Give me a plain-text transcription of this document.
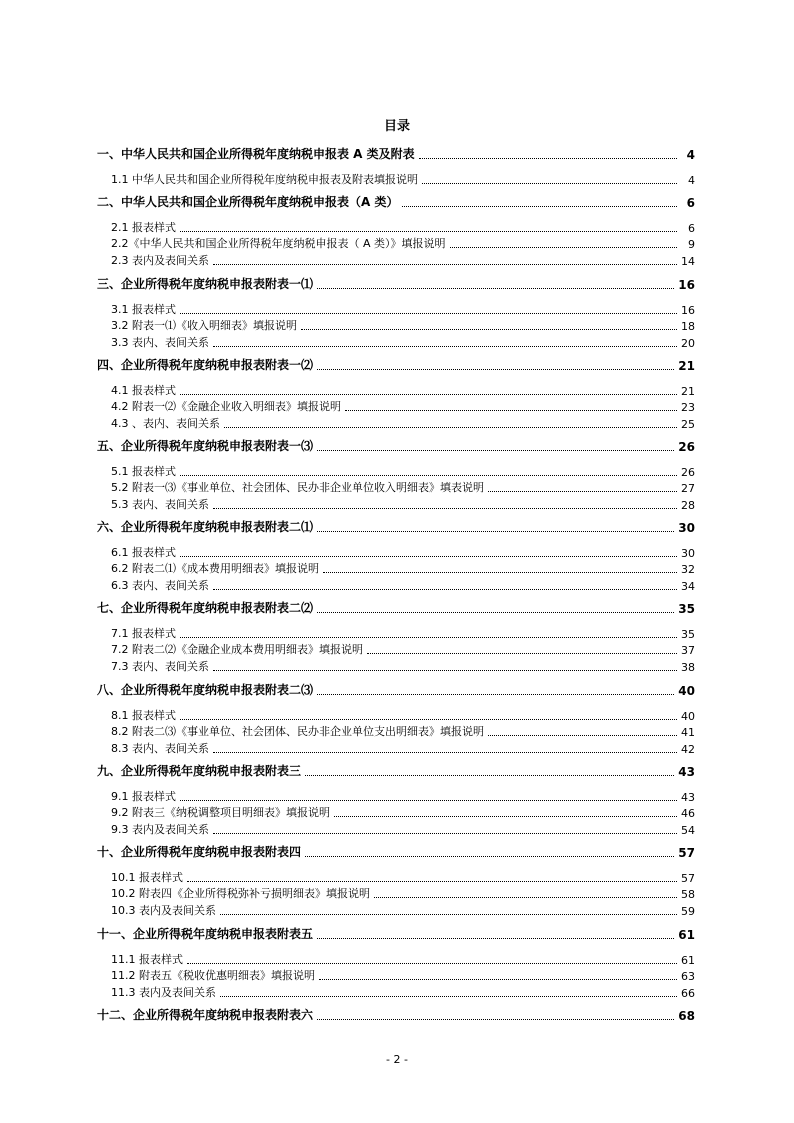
目录
一、中华人民共和国企业所得税年度纳税申报表 A 类及附表	4
1.1 中华人民共和国企业所得税年度纳税申报表及附表填报说明	4
二、中华人民共和国企业所得税年度纳税申报表（A 类）	6
2.1 报表样式	6
2.2《中华人民共和国企业所得税年度纳税申报表（ A 类）》填报说明	9
2.3 表内及表间关系	14
三、企业所得税年度纳税申报表附表一⑴	16
3.1 报表样式	16
3.2 附表一⑴《收入明细表》填报说明	18
3.3 表内、表间关系	20
四、企业所得税年度纳税申报表附表一⑵	21
4.1 报表样式	21
4.2 附表一⑵《金融企业收入明细表》填报说明	23
4.3 、表内、表间关系	25
五、企业所得税年度纳税申报表附表一⑶	26
5.1 报表样式	26
5.2 附表一⑶《事业单位、社会团体、民办非企业单位收入明细表》填表说明	27
5.3 表内、表间关系	28
六、企业所得税年度纳税申报表附表二⑴	30
6.1 报表样式	30
6.2 附表二⑴《成本费用明细表》填报说明	32
6.3 表内、表间关系	34
七、企业所得税年度纳税申报表附表二⑵	35
7.1 报表样式	35
7.2 附表二⑵《金融企业成本费用明细表》填报说明	37
7.3 表内、表间关系	38
八、企业所得税年度纳税申报表附表二⑶	40
8.1 报表样式	40
8.2 附表二⑶《事业单位、社会团体、民办非企业单位支出明细表》填报说明	41
8.3 表内、表间关系	42
九、企业所得税年度纳税申报表附表三	43
9.1 报表样式	43
9.2 附表三《纳税调整项目明细表》填报说明	46
9.3 表内及表间关系	54
十、企业所得税年度纳税申报表附表四	57
10.1 报表样式	57
10.2 附表四《企业所得税弥补亏损明细表》填报说明	58
10.3 表内及表间关系	59
十一、企业所得税年度纳税申报表附表五	61
11.1 报表样式	61
11.2 附表五《税收优惠明细表》填报说明	63
11.3 表内及表间关系	66
十二、企业所得税年度纳税申报表附表六	68
- 2 -
